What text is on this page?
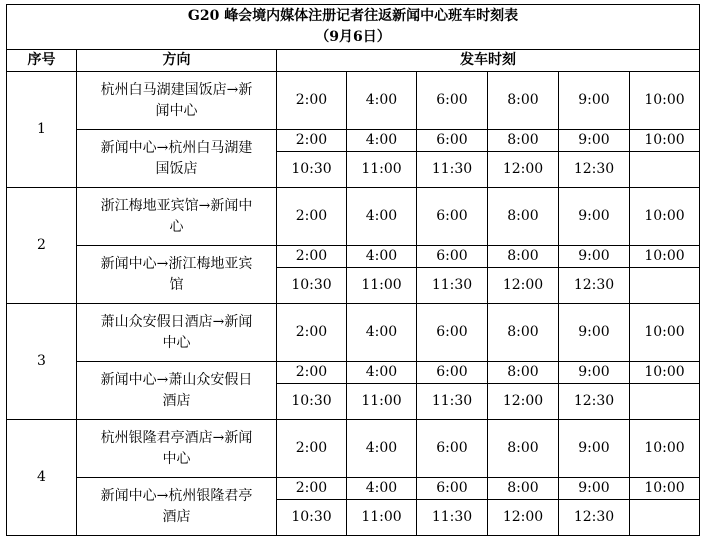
G20 峰会境内媒体注册记者往返新闻中心班车时刻表
（9月6日）							

序号	方向	发车时刻					
1	杭州白马湖建国饭店→新
闻中心	2:00	4:00	6:00	8:00	9:00	10:00

	新闻中心→杭州白马湖建
国饭店	2:00	4:00	6:00	8:00	9:00	10:00
		10:30	11:00	11:30	12:00	12:30	
2	浙江梅地亚宾馆→新闻中
心	2:00	4:00	6:00	8:00	9:00	10:00

	新闻中心→浙江梅地亚宾
馆	2:00	4:00	6:00	8:00	9:00	10:00
		10:30	11:00	11:30	12:00	12:30	
3	萧山众安假日酒店→新闻
中心	2:00	4:00	6:00	8:00	9:00	10:00

	新闻中心→萧山众安假日
酒店	2:00	4:00	6:00	8:00	9:00	10:00
		10:30	11:00	11:30	12:00	12:30	
4	杭州银隆君亭酒店→新闻
中心	2:00	4:00	6:00	8:00	9:00	10:00

	新闻中心→杭州银隆君亭
酒店	2:00	4:00	6:00	8:00	9:00	10:00
		10:30	11:00	11:30	12:00	12:30	
